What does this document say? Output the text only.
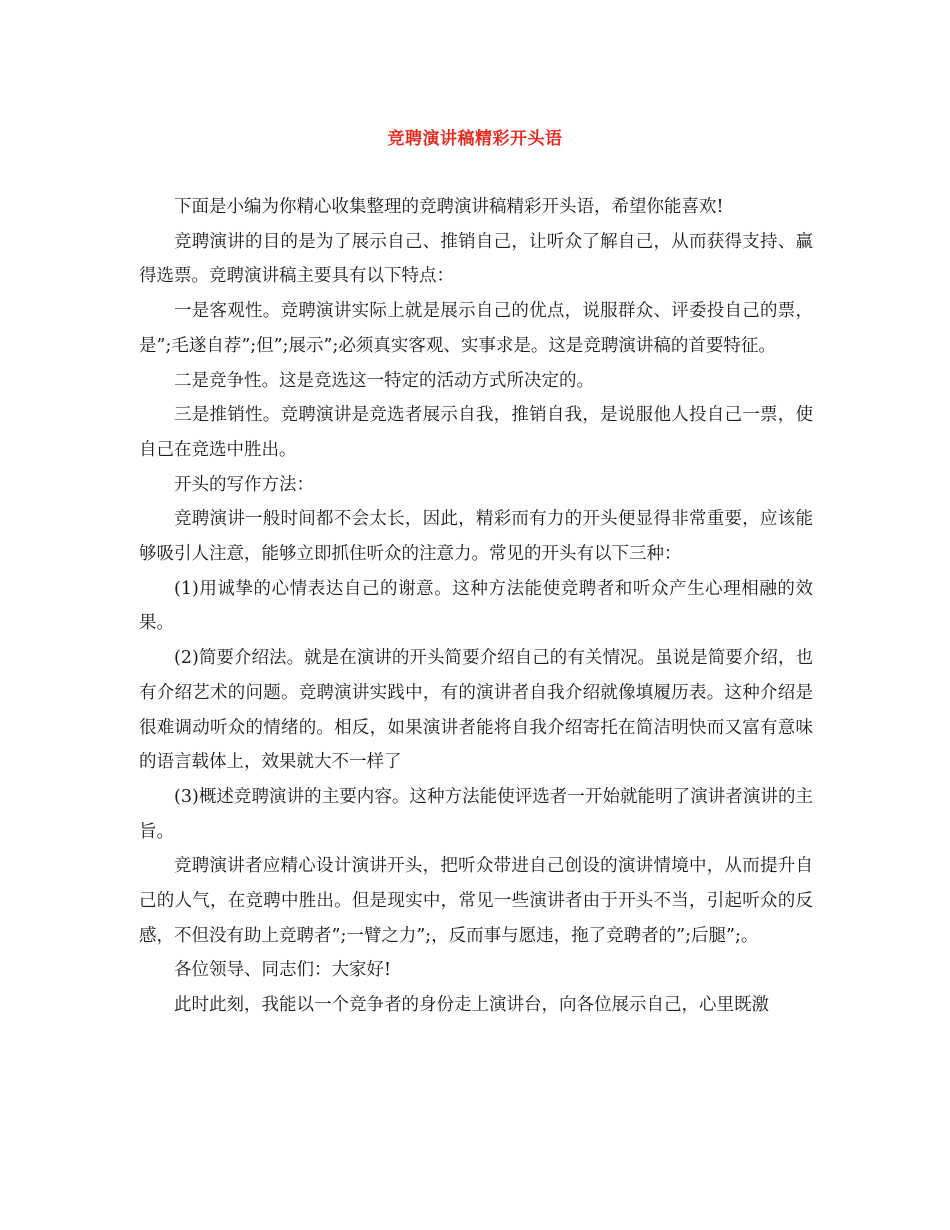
竞聘演讲稿精彩开头语

下面是小编为你精心收集整理的竞聘演讲稿精彩开头语，希望你能喜欢!

竞聘演讲的目的是为了展示自己、推销自己，让听众了解自己，从而获得支持、赢得选票。竞聘演讲稿主要具有以下特点：

一是客观性。竞聘演讲实际上就是展示自己的优点，说服群众、评委投自己的票，是”;毛遂自荐”;但”;展示”;必须真实客观、实事求是。这是竞聘演讲稿的首要特征。

二是竞争性。这是竞选这一特定的活动方式所决定的。

三是推销性。竞聘演讲是竞选者展示自我，推销自我，是说服他人投自己一票，使自己在竞选中胜出。

开头的写作方法：

竞聘演讲一般时间都不会太长，因此，精彩而有力的开头便显得非常重要，应该能够吸引人注意，能够立即抓住听众的注意力。常见的开头有以下三种：

(1)用诚挚的心情表达自己的谢意。这种方法能使竞聘者和听众产生心理相融的效果。

(2)简要介绍法。就是在演讲的开头简要介绍自己的有关情况。虽说是简要介绍，也有介绍艺术的问题。竞聘演讲实践中，有的演讲者自我介绍就像填履历表。这种介绍是很难调动听众的情绪的。相反，如果演讲者能将自我介绍寄托在简洁明快而又富有意味的语言载体上，效果就大不一样了

(3)概述竞聘演讲的主要内容。这种方法能使评选者一开始就能明了演讲者演讲的主旨。

竞聘演讲者应精心设计演讲开头，把听众带进自己创设的演讲情境中，从而提升自己的人气，在竞聘中胜出。但是现实中，常见一些演讲者由于开头不当，引起听众的反感，不但没有助上竞聘者”;一臂之力”;，反而事与愿违，拖了竞聘者的”;后腿”;。

各位领导、同志们：大家好!

此时此刻，我能以一个竞争者的身份走上演讲台，向各位展示自己，心里既激
